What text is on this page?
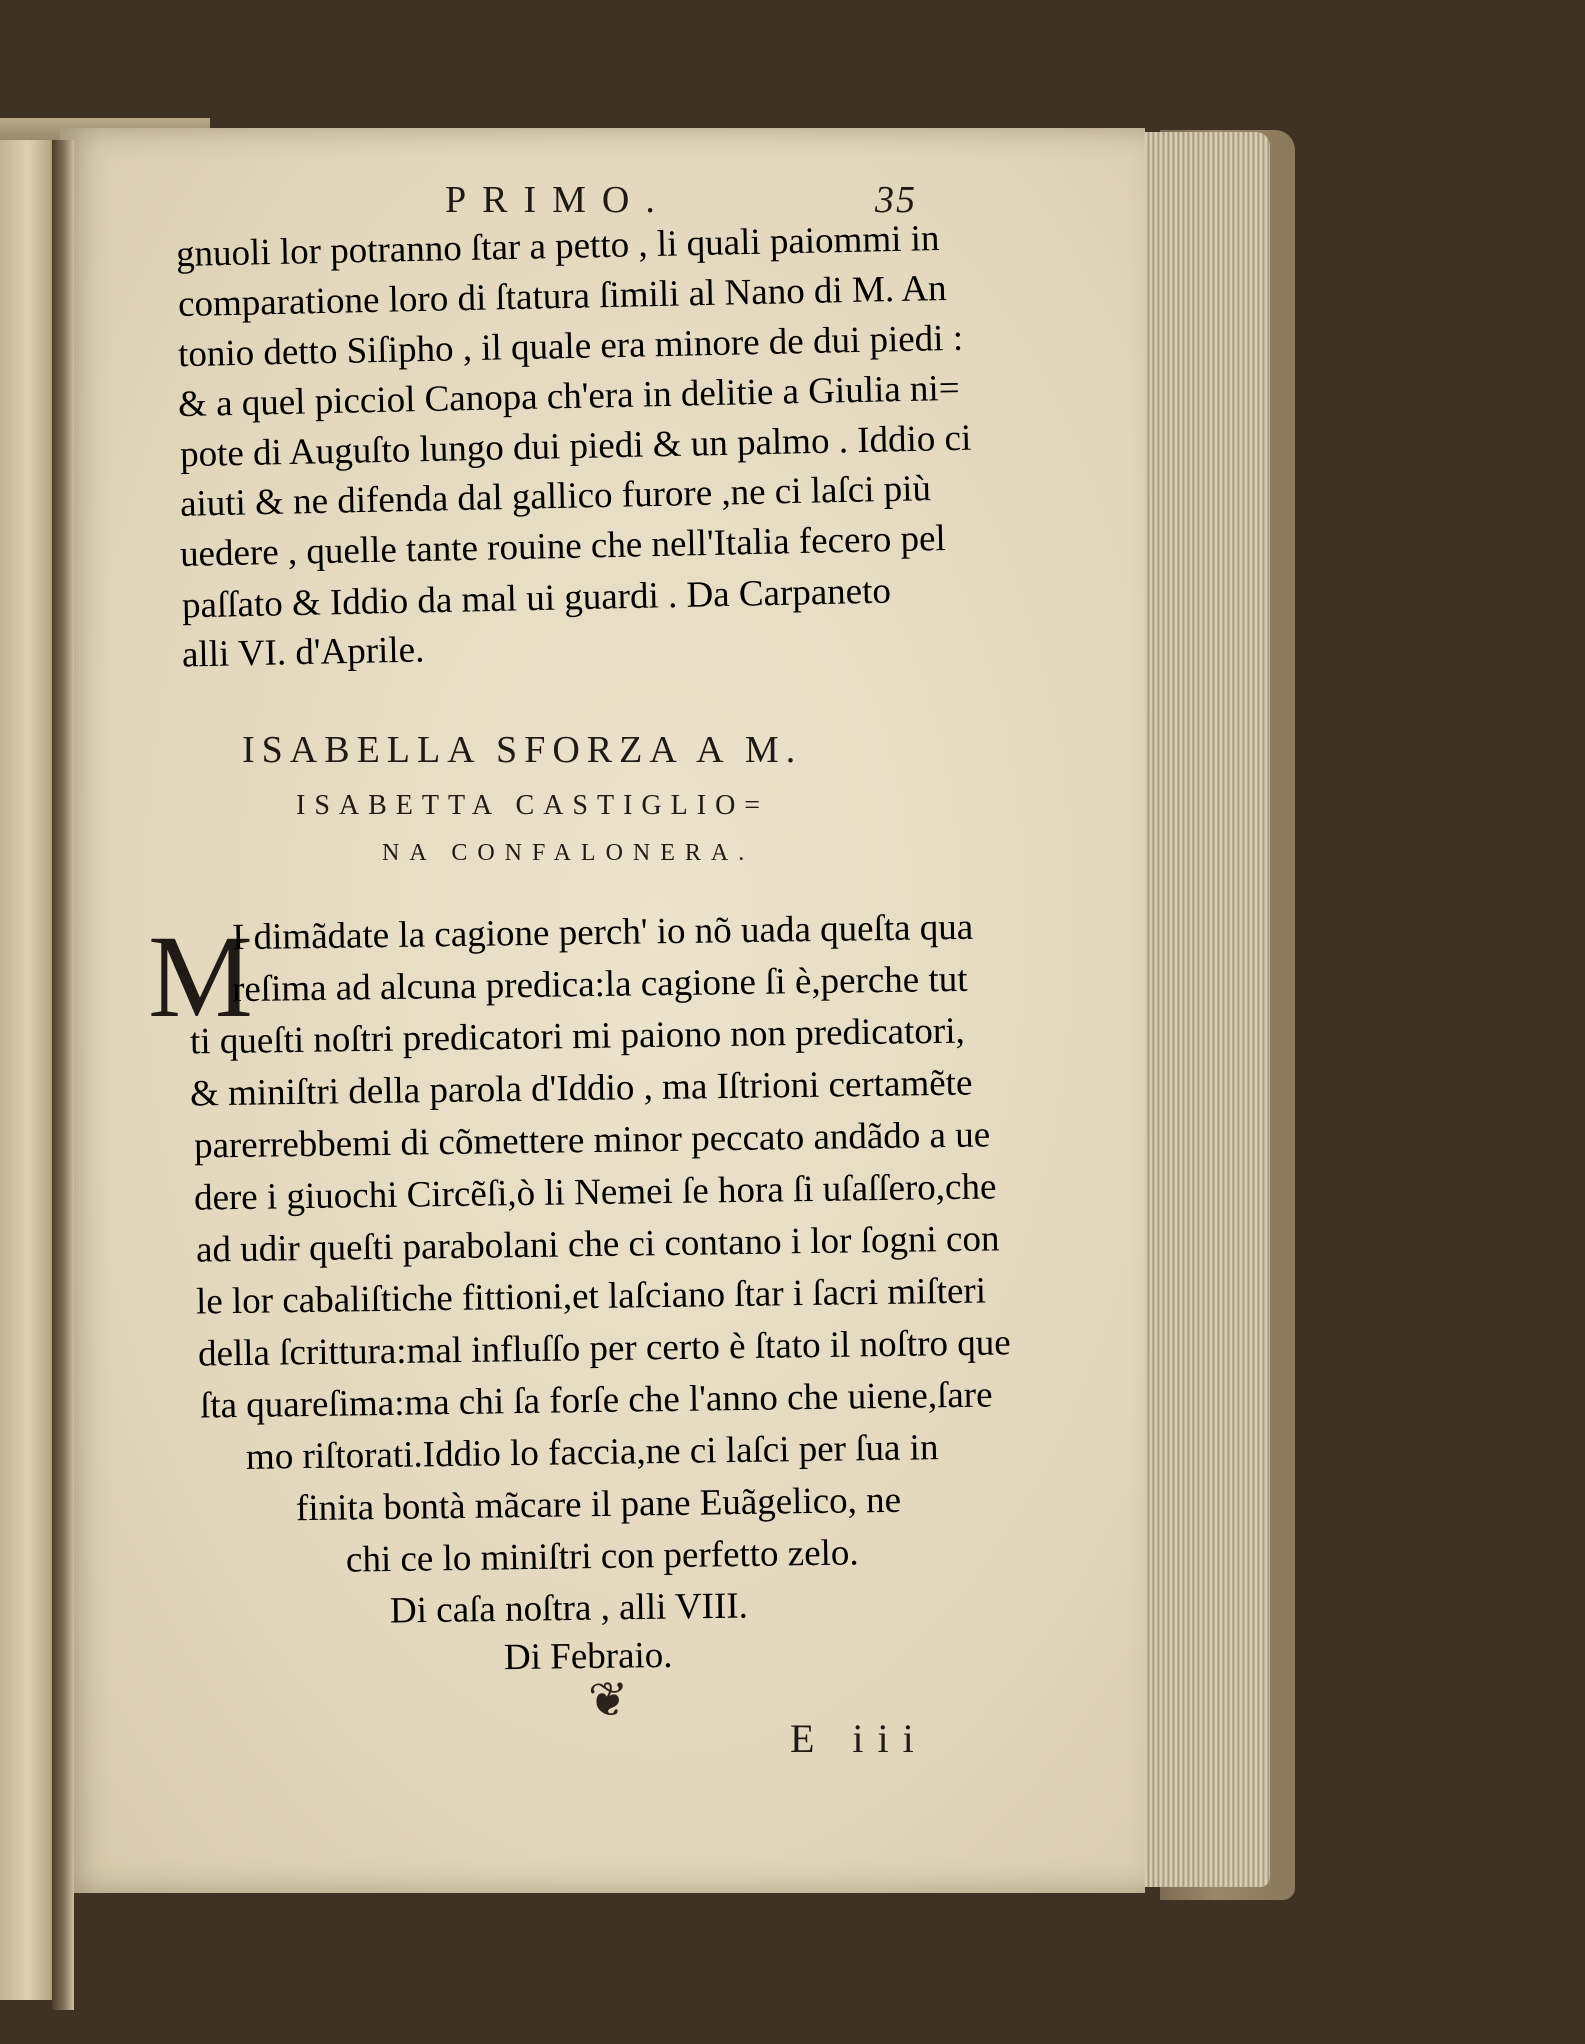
PRIMO.	35
gnuoli lor potranno ſtar a petto , li quali paiommi in
comparatione loro di ſtatura ſimili al Nano di M. An
tonio detto Siſipho , il quale era minore de dui piedi :
& a quel picciol Canopa ch'era in delitie a Giulia ni=
pote di Auguſto lungo dui piedi & un palmo . Iddio ci
aiuti & ne difenda dal gallico furore ,ne ci laſci più
uedere , quelle tante rouine che nell'Italia fecero pel
paſſato & Iddio da mal ui guardi . Da Carpaneto
alli VI. d'Aprile.
ISABELLA SFORZA A M.
ISABETTA CASTIGLIO=
NA CONFALONERA.
M
I dimãdate la cagione perch' io nõ uada queſta qua
reſima ad alcuna predica:la cagione ſi è,perche tut
ti queſti noſtri predicatori mi paiono non predicatori,
& miniſtri della parola d'Iddio , ma Iſtrioni certamẽte
parerrebbemi di cõmettere minor peccato andãdo a ue
dere i giuochi Circẽſi,ò li Nemei ſe hora ſi uſaſſero,che
ad udir queſti parabolani che ci contano i lor ſogni con
le lor cabaliſtiche fittioni,et laſciano ſtar i ſacri miſteri
della ſcrittura:mal influſſo per certo è ſtato il noſtro que
ſta quareſima:ma chi ſa forſe che l'anno che uiene,ſare
mo riſtorati.Iddio lo faccia,ne ci laſci per ſua in
finita bontà mãcare il pane Euãgelico, ne
chi ce lo miniſtri con perfetto zelo.
Di caſa noſtra , alli VIII.
Di Febraio.
❦
E iii
